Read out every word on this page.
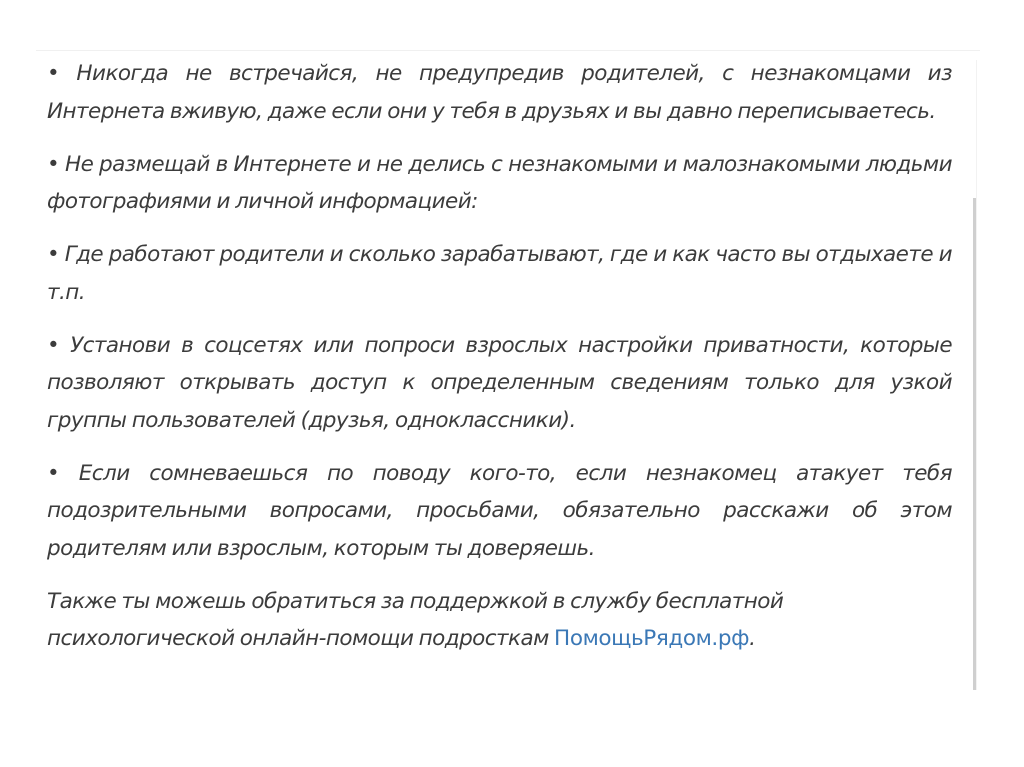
• Никогда не встречайся, не предупредив родителей, с незнакомцами из Интернета вживую, даже если они у тебя в друзьях и вы давно переписываетесь.

• Не размещай в Интернете и не делись с незнакомыми и малознакомыми людьми фотографиями и личной информацией:

• Где работают родители и сколько зарабатывают, где и как часто вы отдыхаете и т.п.

• Установи в соцсетях или попроси взрослых настройки приватности, которые позволяют открывать доступ к определенным сведениям только для узкой группы пользователей (друзья, одноклассники).

• Если сомневаешься по поводу кого-то, если незнакомец атакует тебя подозрительными вопросами, просьбами, обязательно расскажи об этом родителям или взрослым, которым ты доверяешь.

Также ты можешь обратиться за поддержкой в службу бесплатной психологической онлайн-помощи подросткам ПомощьРядом.рф.
